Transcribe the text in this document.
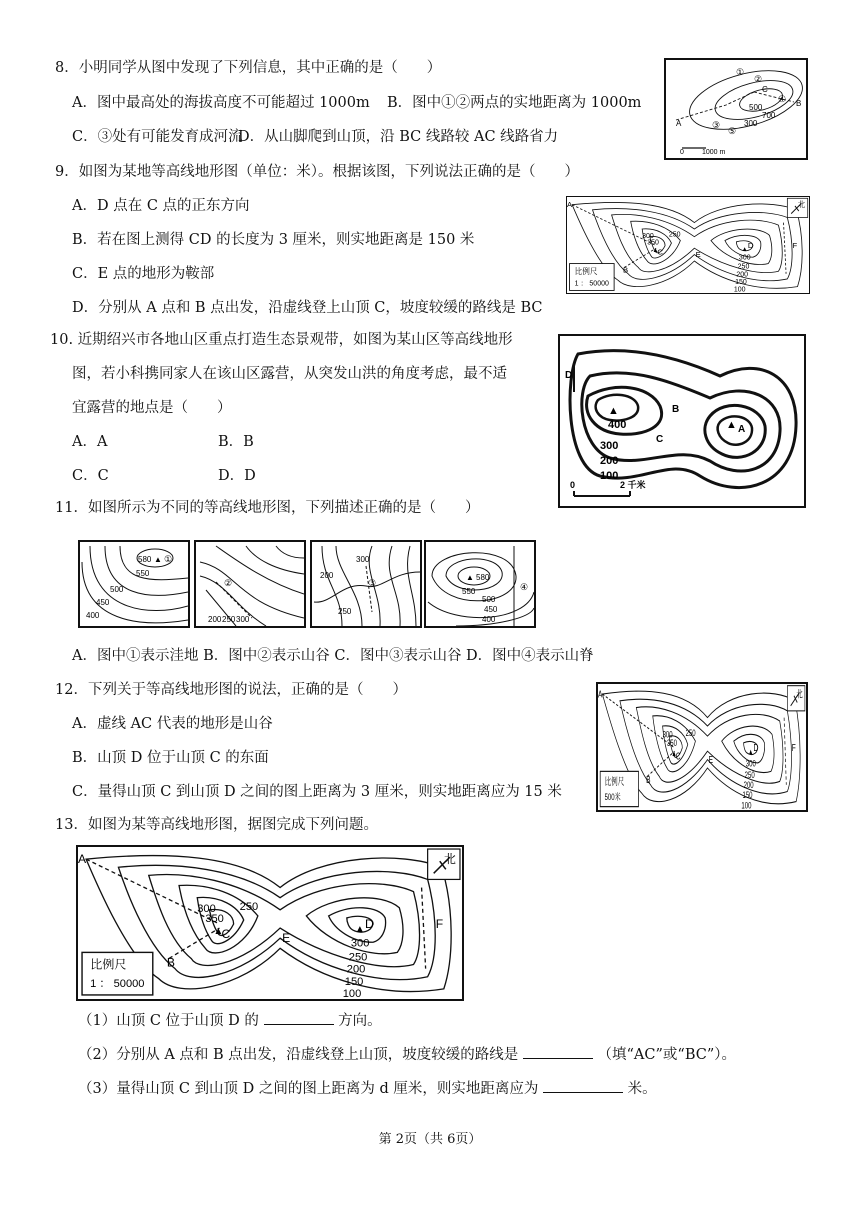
8．小明同学从图中发现了下列信息，其中正确的是（　　）
A．图中最高处的海拔高度不可能超过 1000m B．图中①②两点的实地距离为 1000m
C．③处有可能发育成河流
D．从山脚爬到山顶，沿 BC 线路较 AC 线路省力
①
②
③
④
⑤
A
B
C
500
700
300
0	1000 m
9．如图为某地等高线地形图（单位：米）。根据该图，下列说法正确的是（　　）
A．D 点在 C 点的正东方向
B．若在图上测得 CD 的长度为 3 厘米，则实地距离是 150 米
C．E 点的地形为鞍部
D．分别从 A 点和 B 点出发，沿虚线登上山顶 C，坡度较缓的路线是 BC
▲	▲
300
350
250
300
250
200
150
100
A
B
C
D
E
F
北
比例尺
1 ： 50000
10. 近期绍兴市各地山区重点打造生态景观带，如图为某山区等高线地形
图，若小科携同家人在该山区露营，从突发山洪的角度考虑，最不适
宜露营的地点是（　　）
A．A	B．B
C．C	D．D
D
▲
400
300
200
100
▲ A
B
C
0	2 千米
11．如图所示为不同的等高线地形图，下列描述正确的是（　　）
580 ▲ ①
550
500
450
400
②
200 250 300
③
200
250
300
▲ 580
550
500
450
400
④
A．图中①表示洼地 B．图中②表示山谷 C．图中③表示山谷 D．图中④表示山脊
12．下列关于等高线地形图的说法，正确的是（　　）
A．虚线 AC 代表的地形是山谷
B．山顶 D 位于山顶 C 的东面
C．量得山顶 C 到山顶 D 之间的图上距离为 3 厘米，则实地距离应为 15 米
▲	▲
300
350
250
300
250
200
150
100
A
B
C
D
E
F
北
比例尺
500米
13．如图为某等高线地形图，据图完成下列问题。
▲	▲
300
350
250
300
250
200
150
100
A
B
C
D
E
F
北
比例尺
1 ： 50000
（1）山顶 C 位于山顶 D 的	方向。
（2）分别从 A 点和 B 点出发，沿虚线登上山顶，坡度较缓的路线是	（填“AC”或“BC”）。
（3）量得山顶 C 到山顶 D 之间的图上距离为 d 厘米，则实地距离应为	米。
第 2页（共 6页）
